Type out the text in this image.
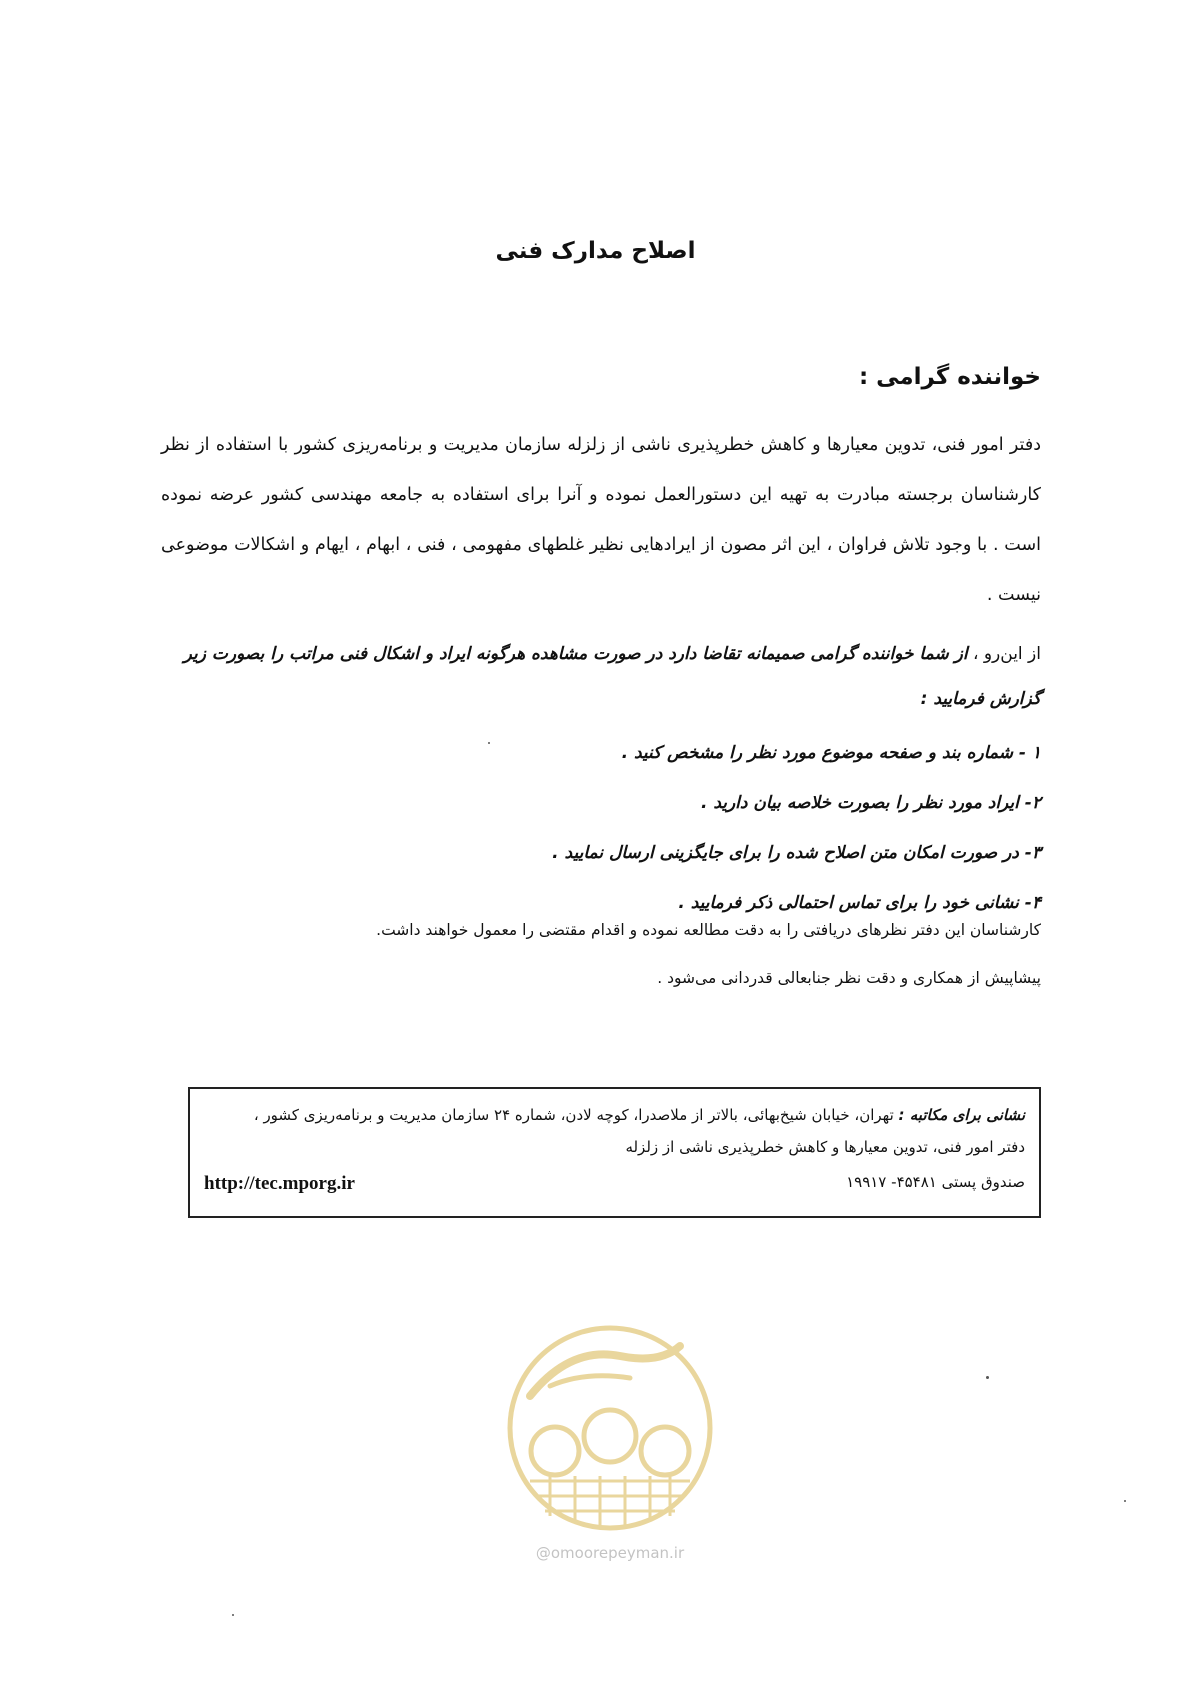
اصلاح مدارک فنی
خواننده گرامی :
دفتر امور فنی، تدوین معیارها و کاهش خطرپذیری ناشی از زلزله سازمان مدیریت و برنامه‌ریزی کشور با استفاده از نظر کارشناسان برجسته مبادرت به تهیه این دستورالعمل نموده و آنرا برای استفاده به جامعه مهندسی کشور عرضه نموده است . با وجود تلاش فراوان ، این اثر مصون از ایرادهایی نظیر غلطهای مفهومی ، فنی ، ابهام ، ایهام و اشکالات موضوعی نیست .
از این‌رو ، از شما خواننده گرامی صمیمانه تقاضا دارد در صورت مشاهده هرگونه ایراد و اشکال فنی مراتب را بصورت زیر گزارش فرمایید :
۱ - شماره بند و صفحه موضوع مورد نظر را مشخص کنید .
۲- ایراد مورد نظر را بصورت خلاصه بیان دارید .
۳- در صورت امکان متن اصلاح شده را برای جایگزینی ارسال نمایید .
۴- نشانی خود را برای تماس احتمالی ذکر فرمایید .
کارشناسان این دفتر نظرهای دریافتی را به دقت مطالعه نموده و اقدام مقتضی را معمول خواهند داشت.
پیشاپیش از همکاری و دقت نظر جنابعالی قدردانی می‌شود .
نشانی برای مکاتبه : تهران، خیابان شیخ‌بهائی، بالاتر از ملاصدرا، کوچه لادن، شماره ۲۴ سازمان مدیریت و برنامه‌ریزی کشور ، دفتر امور فنی، تدوین معیارها و کاهش خطرپذیری ناشی از زلزله
صندوق پستی ۴۵۴۸۱- ۱۹۹۱۷
http://tec.mporg.ir
@omoorepeyman.ir
